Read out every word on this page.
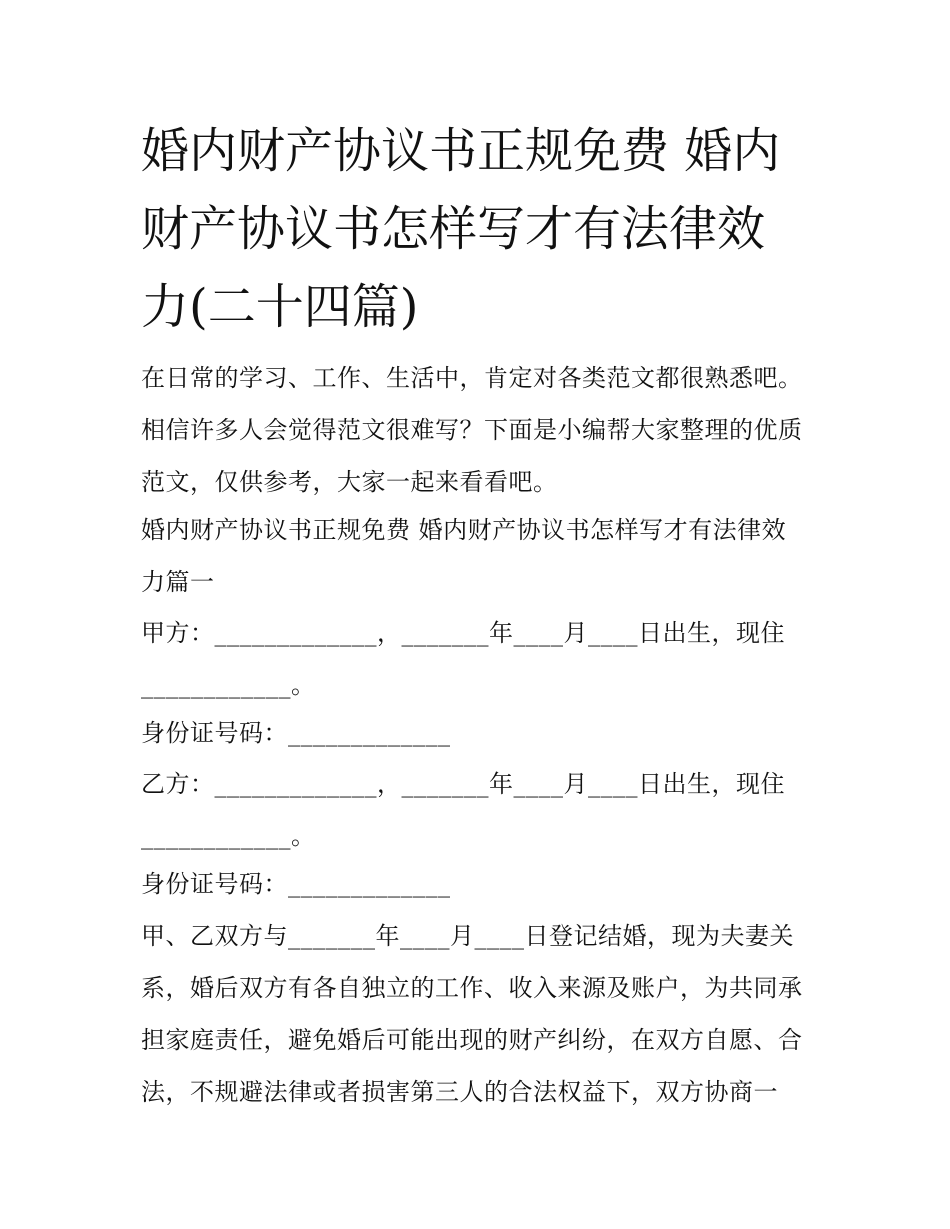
婚内财产协议书正规免费 婚内
财产协议书怎样写才有法律效
力(二十四篇)

在日常的学习、工作、生活中，肯定对各类范文都很熟悉吧。
相信许多人会觉得范文很难写？下面是小编帮大家整理的优质
范文，仅供参考，大家一起来看看吧。

婚内财产协议书正规免费 婚内财产协议书怎样写才有法律效
力篇一

甲方：_____________，_______年____月____日出生，现住
____________。

身份证号码：_____________

乙方：_____________，_______年____月____日出生，现住
____________。

身份证号码：_____________

甲、乙双方与_______年____月____日登记结婚，现为夫妻关
系，婚后双方有各自独立的工作、收入来源及账户，为共同承
担家庭责任，避免婚后可能出现的财产纠纷，在双方自愿、合
法，不规避法律或者损害第三人的合法权益下，双方协商一
